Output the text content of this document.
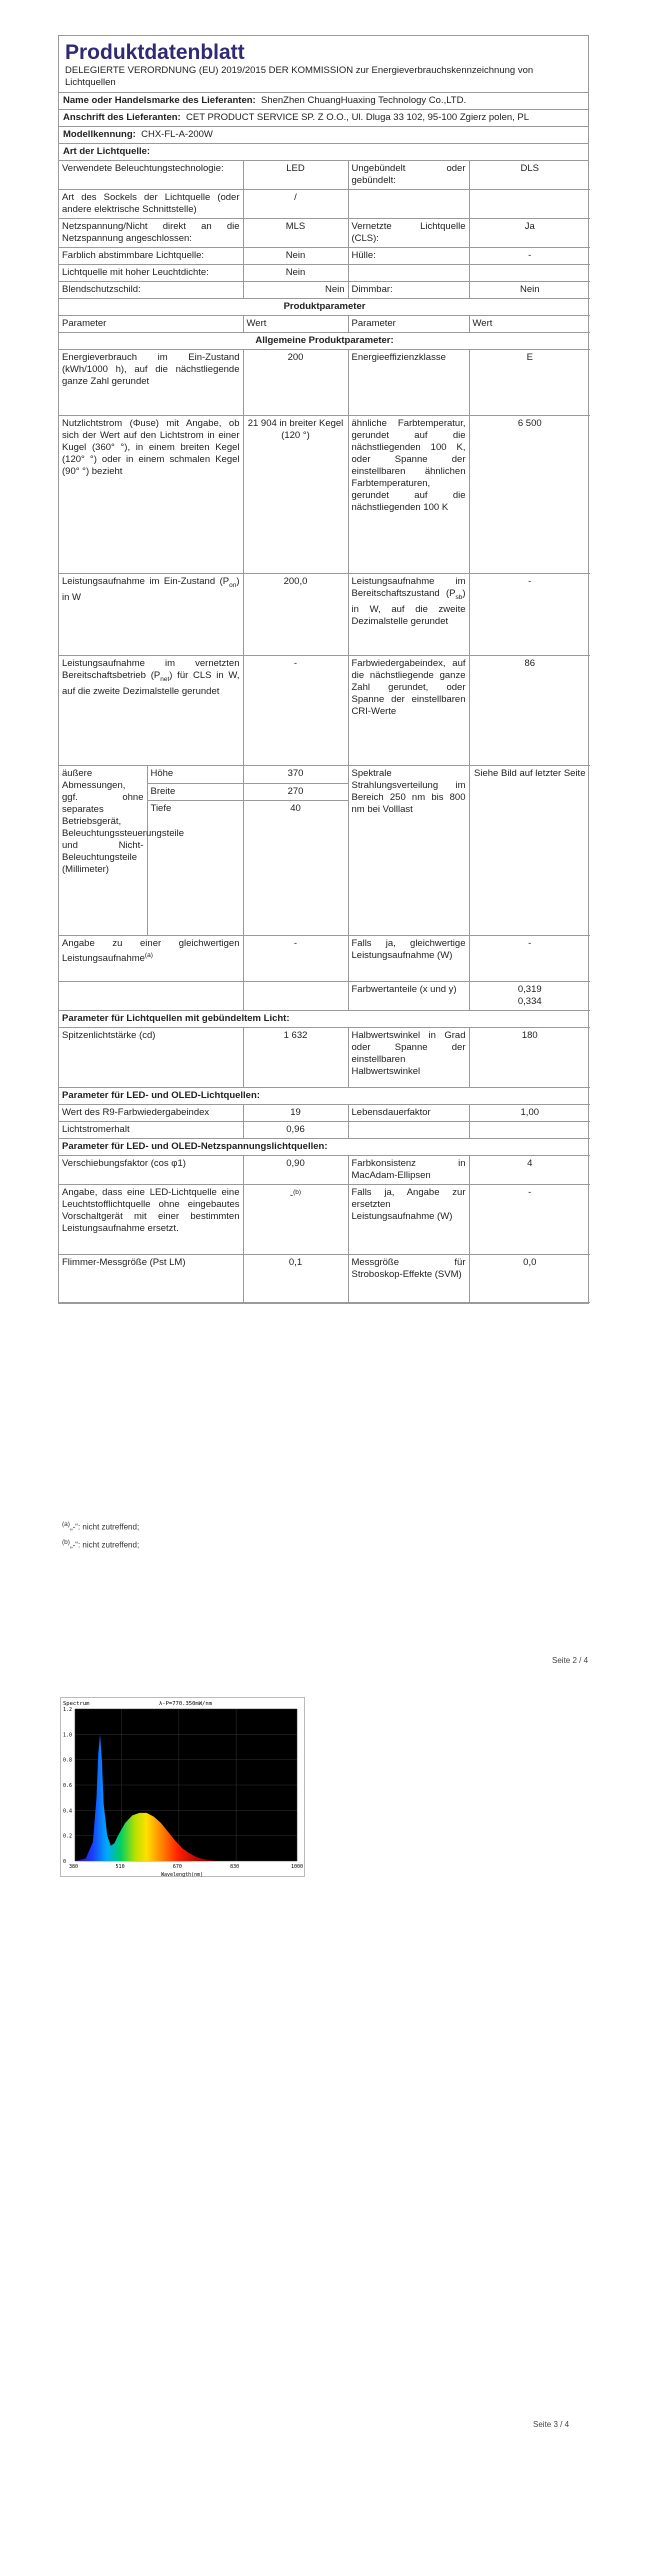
Produktdatenblatt
DELEGIERTE VERORDNUNG (EU) 2019/2015 DER KOMMISSION zur Energieverbrauchskennzeichnung von Lichtquellen
Name oder Handelsmarke des Lieferanten: ShenZhen ChuangHuaxing Technology Co.,LTD.
Anschrift des Lieferanten: CET PRODUCT SERVICE SP. Z O.O., Ul. Dluga 33 102, 95-100 Zgierz polen, PL
Modellkennung: CHX-FL-A-200W
Art der Lichtquelle:
Verwendete Beleuchtungstechnologie:	LED	Ungebündelt oder gebündelt:	DLS
Art des Sockels der Lichtquelle (oder andere elektrische Schnittstelle)	/		
Netzspannung/Nicht direkt an die Netzspannung angeschlossen:	MLS	Vernetzte Lichtquelle (CLS):	Ja
Farblich abstimmbare Lichtquelle:	Nein	Hülle:	-
Lichtquelle mit hoher Leuchtdichte:	Nein		
Blendschutzschild:	Nein	Dimmbar:	Nein
Produktparameter				
Parameter		Wert	Parameter	Wert
Allgemeine Produktparameter:				
Energieverbrauch im Ein-Zustand (kWh/1000 h), auf die nächstliegende ganze Zahl gerundet		200	Energieeffizienzklasse	E
Nutzlichtstrom (Φuse) mit Angabe, ob sich der Wert auf den Lichtstrom in einer Kugel (360° °), in einem breiten Kegel (120° °) oder in einem schmalen Kegel (90° °) bezieht		21 904 in breiter Kegel (120 °)	ähnliche Farbtemperatur, gerundet auf die nächstliegenden 100 K, oder Spanne der einstellbaren ähnlichen Farbtemperaturen, gerundet auf die nächstliegenden 100 K	6 500
Leistungsaufnahme im Ein-Zustand $(P_{on})$ in W		200,0	Leistungsaufnahme im Bereitschaftszustand $(P_{sb})$ in W, auf die zweite Dezimalstelle gerundet	-
Leistungsaufnahme im vernetzten Bereitschaftsbetrieb $(P_{net})$ für CLS in W, auf die zweite Dezimalstelle gerundet		-	Farbwiedergabeindex, auf die nächstliegende ganze Zahl gerundet, oder Spanne der einstellbaren CRI-Werte	86
äußere Abmessungen, ggf. ohne separates Betriebsgerät, Beleuchtungssteuerungsteile und Nicht-Beleuchtungsteile (Millimeter)	Höhe	370	Spektrale Strahlungsverteilung im Bereich 250 nm bis 800 nm bei Volllast	Siehe Bild auf letzter Seite
	Breite	270		
	Tiefe	40		
Angabe zu einer gleichwertigen Leistungsaufnahme$^{(a)}$		-	Falls ja, gleichwertige Leistungsaufnahme (W)	-
			Farbwertanteile (x und y)	0,319
0,334

Parameter für Lichtquellen mit gebündeltem Licht:				
Spitzenlichtstärke (cd)		1 632	Halbwertswinkel in Grad oder Spanne der einstellbaren Halbwertswinkel	180
Parameter für LED- und OLED-Lichtquellen:				
Wert des R9-Farbwiedergabeindex		19	Lebensdauerfaktor	1,00
Lichtstromerhalt		0,96		
Parameter für LED- und OLED-Netzspannungslichtquellen:				
Verschiebungsfaktor (cos φ1)		0,90	Farbkonsistenz in MacAdam-Ellipsen	4
Angabe, dass eine LED-Lichtquelle eine Leuchtstofflichtquelle ohne eingebautes Vorschaltgerät mit einer bestimmten Leistungsaufnahme ersetzt.		-$^{(b)}$	Falls ja, Angabe zur ersetzten Leistungsaufnahme (W)	-
Flimmer-Messgröße (Pst LM)		0,1	Messgröße für Stroboskop-Effekte (SVM)	0,0
$^{(a)}$„-“: nicht zutreffend;
$^{(b)}$„-“: nicht zutreffend;
Seite 2 / 4
Spectrum	λ-P=770.350mW/nm
1.2
1.0
0.8
0.6
0.4
0.2
0
380	510	670	830	1000
Wavelength(nm)
Seite 3 / 4
